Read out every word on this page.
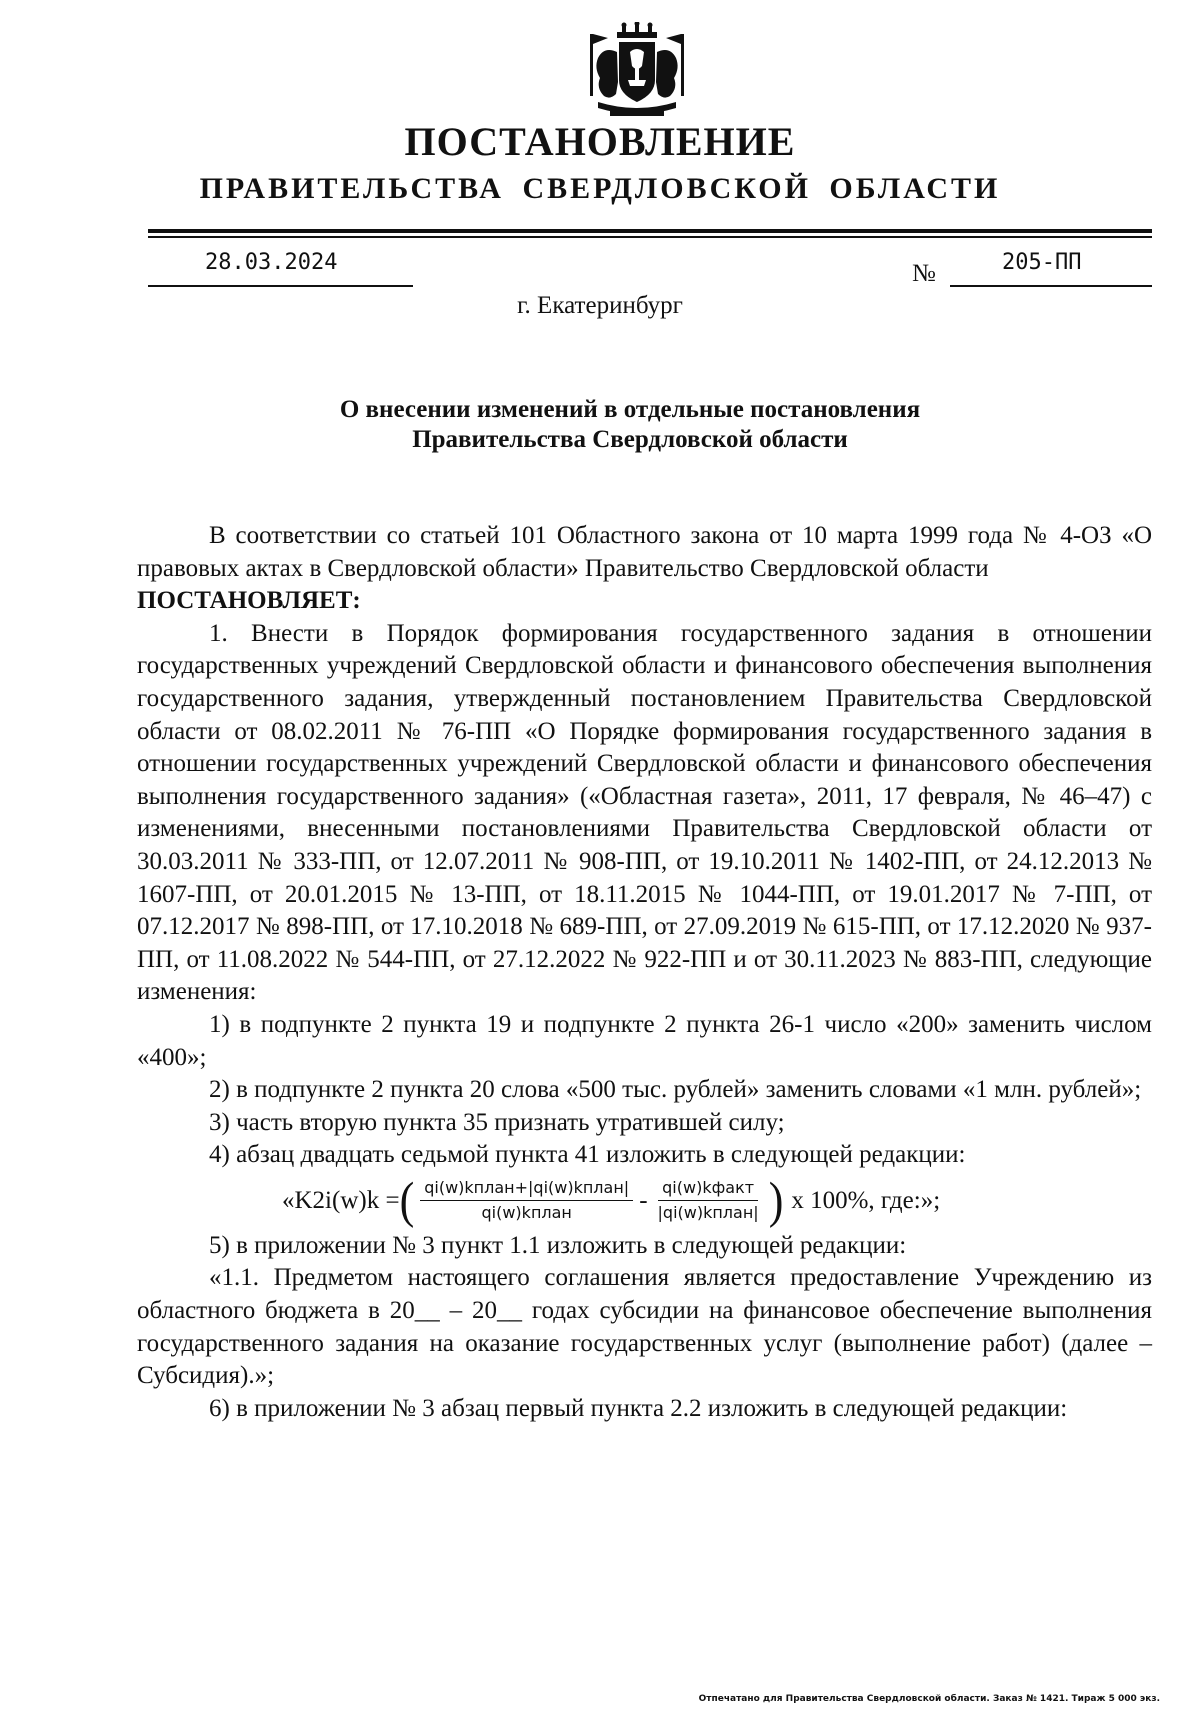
ПОСТАНОВЛЕНИЕ
ПРАВИТЕЛЬСТВА СВЕРДЛОВСКОЙ ОБЛАСТИ
28.03.2024	№	205-ПП
г. Екатеринбург
О внесении изменений в отдельные постановления
Правительства Свердловской области

В соответствии со статьей 101 Областного закона от 10 марта 1999 года № 4-ОЗ «О правовых актах в Свердловской области» Правительство Свердловской области

ПОСТАНОВЛЯЕТ:

1. Внести в Порядок формирования государственного задания в отношении государственных учреждений Свердловской области и финансового обеспечения выполнения государственного задания, утвержденный постановлением Правительства Свердловской области от 08.02.2011 № 76-ПП «О Порядке формирования государственного задания в отношении государственных учреждений Свердловской области и финансового обеспечения выполнения государственного задания» («Областная газета», 2011, 17 февраля, № 46–47) с изменениями, внесенными постановлениями Правительства Свердловской области от 30.03.2011 № 333-ПП, от 12.07.2011 № 908-ПП, от 19.10.2011 № 1402-ПП, от 24.12.2013 № 1607-ПП, от 20.01.2015 № 13-ПП, от 18.11.2015 № 1044-ПП, от 19.01.2017 № 7-ПП, от 07.12.2017 № 898-ПП, от 17.10.2018 № 689-ПП, от 27.09.2019 № 615-ПП, от 17.12.2020 № 937-ПП, от 11.08.2022 № 544-ПП, от 27.12.2022 № 922-ПП и от 30.11.2023 № 883-ПП, следующие изменения:

1) в подпункте 2 пункта 19 и подпункте 2 пункта 26-1 число «200» заменить числом «400»;

2) в подпункте 2 пункта 20 слова «500 тыс. рублей» заменить словами «1 млн. рублей»;

3) часть вторую пункта 35 признать утратившей силу;

4) абзац двадцать седьмой пункта 41 изложить в следующей редакции:

«K2i(w)k = ( $\frac{\text{qi(w)kплан+|qi(w)kплан|}}{\text{qi(w)kплан}} - \frac{\text{qi(w)kфакт}}{\text{|qi(w)kплан|}}$ ) x 100%, где:»;

5) в приложении № 3 пункт 1.1 изложить в следующей редакции:

«1.1. Предметом настоящего соглашения является предоставление Учреждению из областного бюджета в 20__ – 20__ годах субсидии на финансовое обеспечение выполнения государственного задания на оказание государственных услуг (выполнение работ) (далее – Субсидия).»;

6) в приложении № 3 абзац первый пункта 2.2 изложить в следующей редакции:

Отпечатано для Правительства Свердловской области. Заказ № 1421. Тираж 5 000 экз.
